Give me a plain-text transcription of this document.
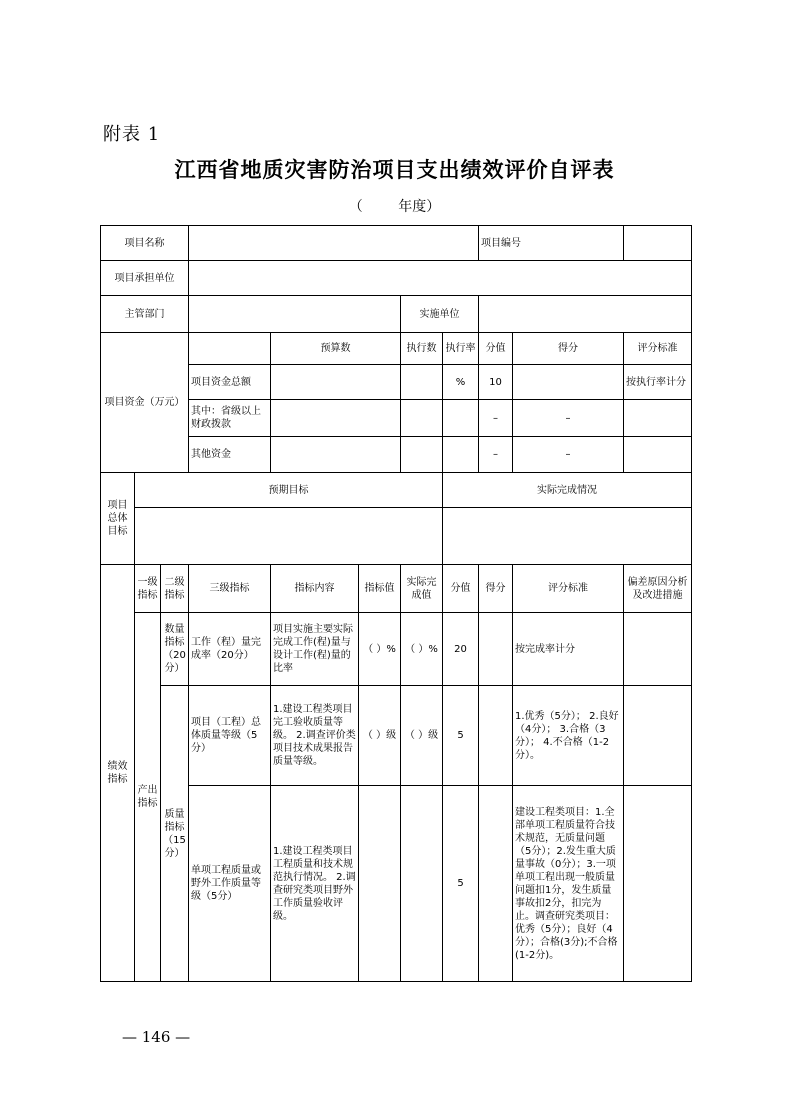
附表 1
江西省地质灾害防治项目支出绩效评价自评表
（        年度）
项目名称								项目编号		
项目承担单位										
主管部门						实施单位				
项目资金（万元）				预算数		执行数	执行率	分值	得分	评分标准
			项目资金总额				%	10		按执行率计分
			其中：省级以上财政拨款					–	–	
			其他资金					–	–	
项目总体目标	预期目标						实际完成情况			

绩效指标	一级指标	二级指标	三级指标	指标内容	指标值	实际完成值	分值	得分	评分标准	偏差原因分析及改进措施
	产出指标	数量指标（20分）	工作（程）量完成率（20分）	项目实施主要实际完成工作(程)量与设计工作(程)量的比率	（ ）%	（ ）%	20		按完成率计分	
		质量指标（15分）	项目（工程）总体质量等级（5分）	1.建设工程类项目完工验收质量等级。 2.调查评价类项目技术成果报告质量等级。	（ ）级	（ ）级	5		1.优秀（5分）； 2.良好（4分）； 3.合格（3分）； 4.不合格（1-2分）。	
			单项工程质量或野外工作质量等级（5分）	1.建设工程类项目工程质量和技术规范执行情况。 2.调查研究类项目野外工作质量验收评级。			5		建设工程类项目：1.全部单项工程质量符合技术规范，无质量问题（5分）；2.发生重大质量事故（0分）；3.一项单项工程出现一般质量问题扣1分，发生质量事故扣2分，扣完为止。调查研究类项目：优秀（5分）；良好（4分）；合格(3分);不合格(1-2分)。	
— 146 —
